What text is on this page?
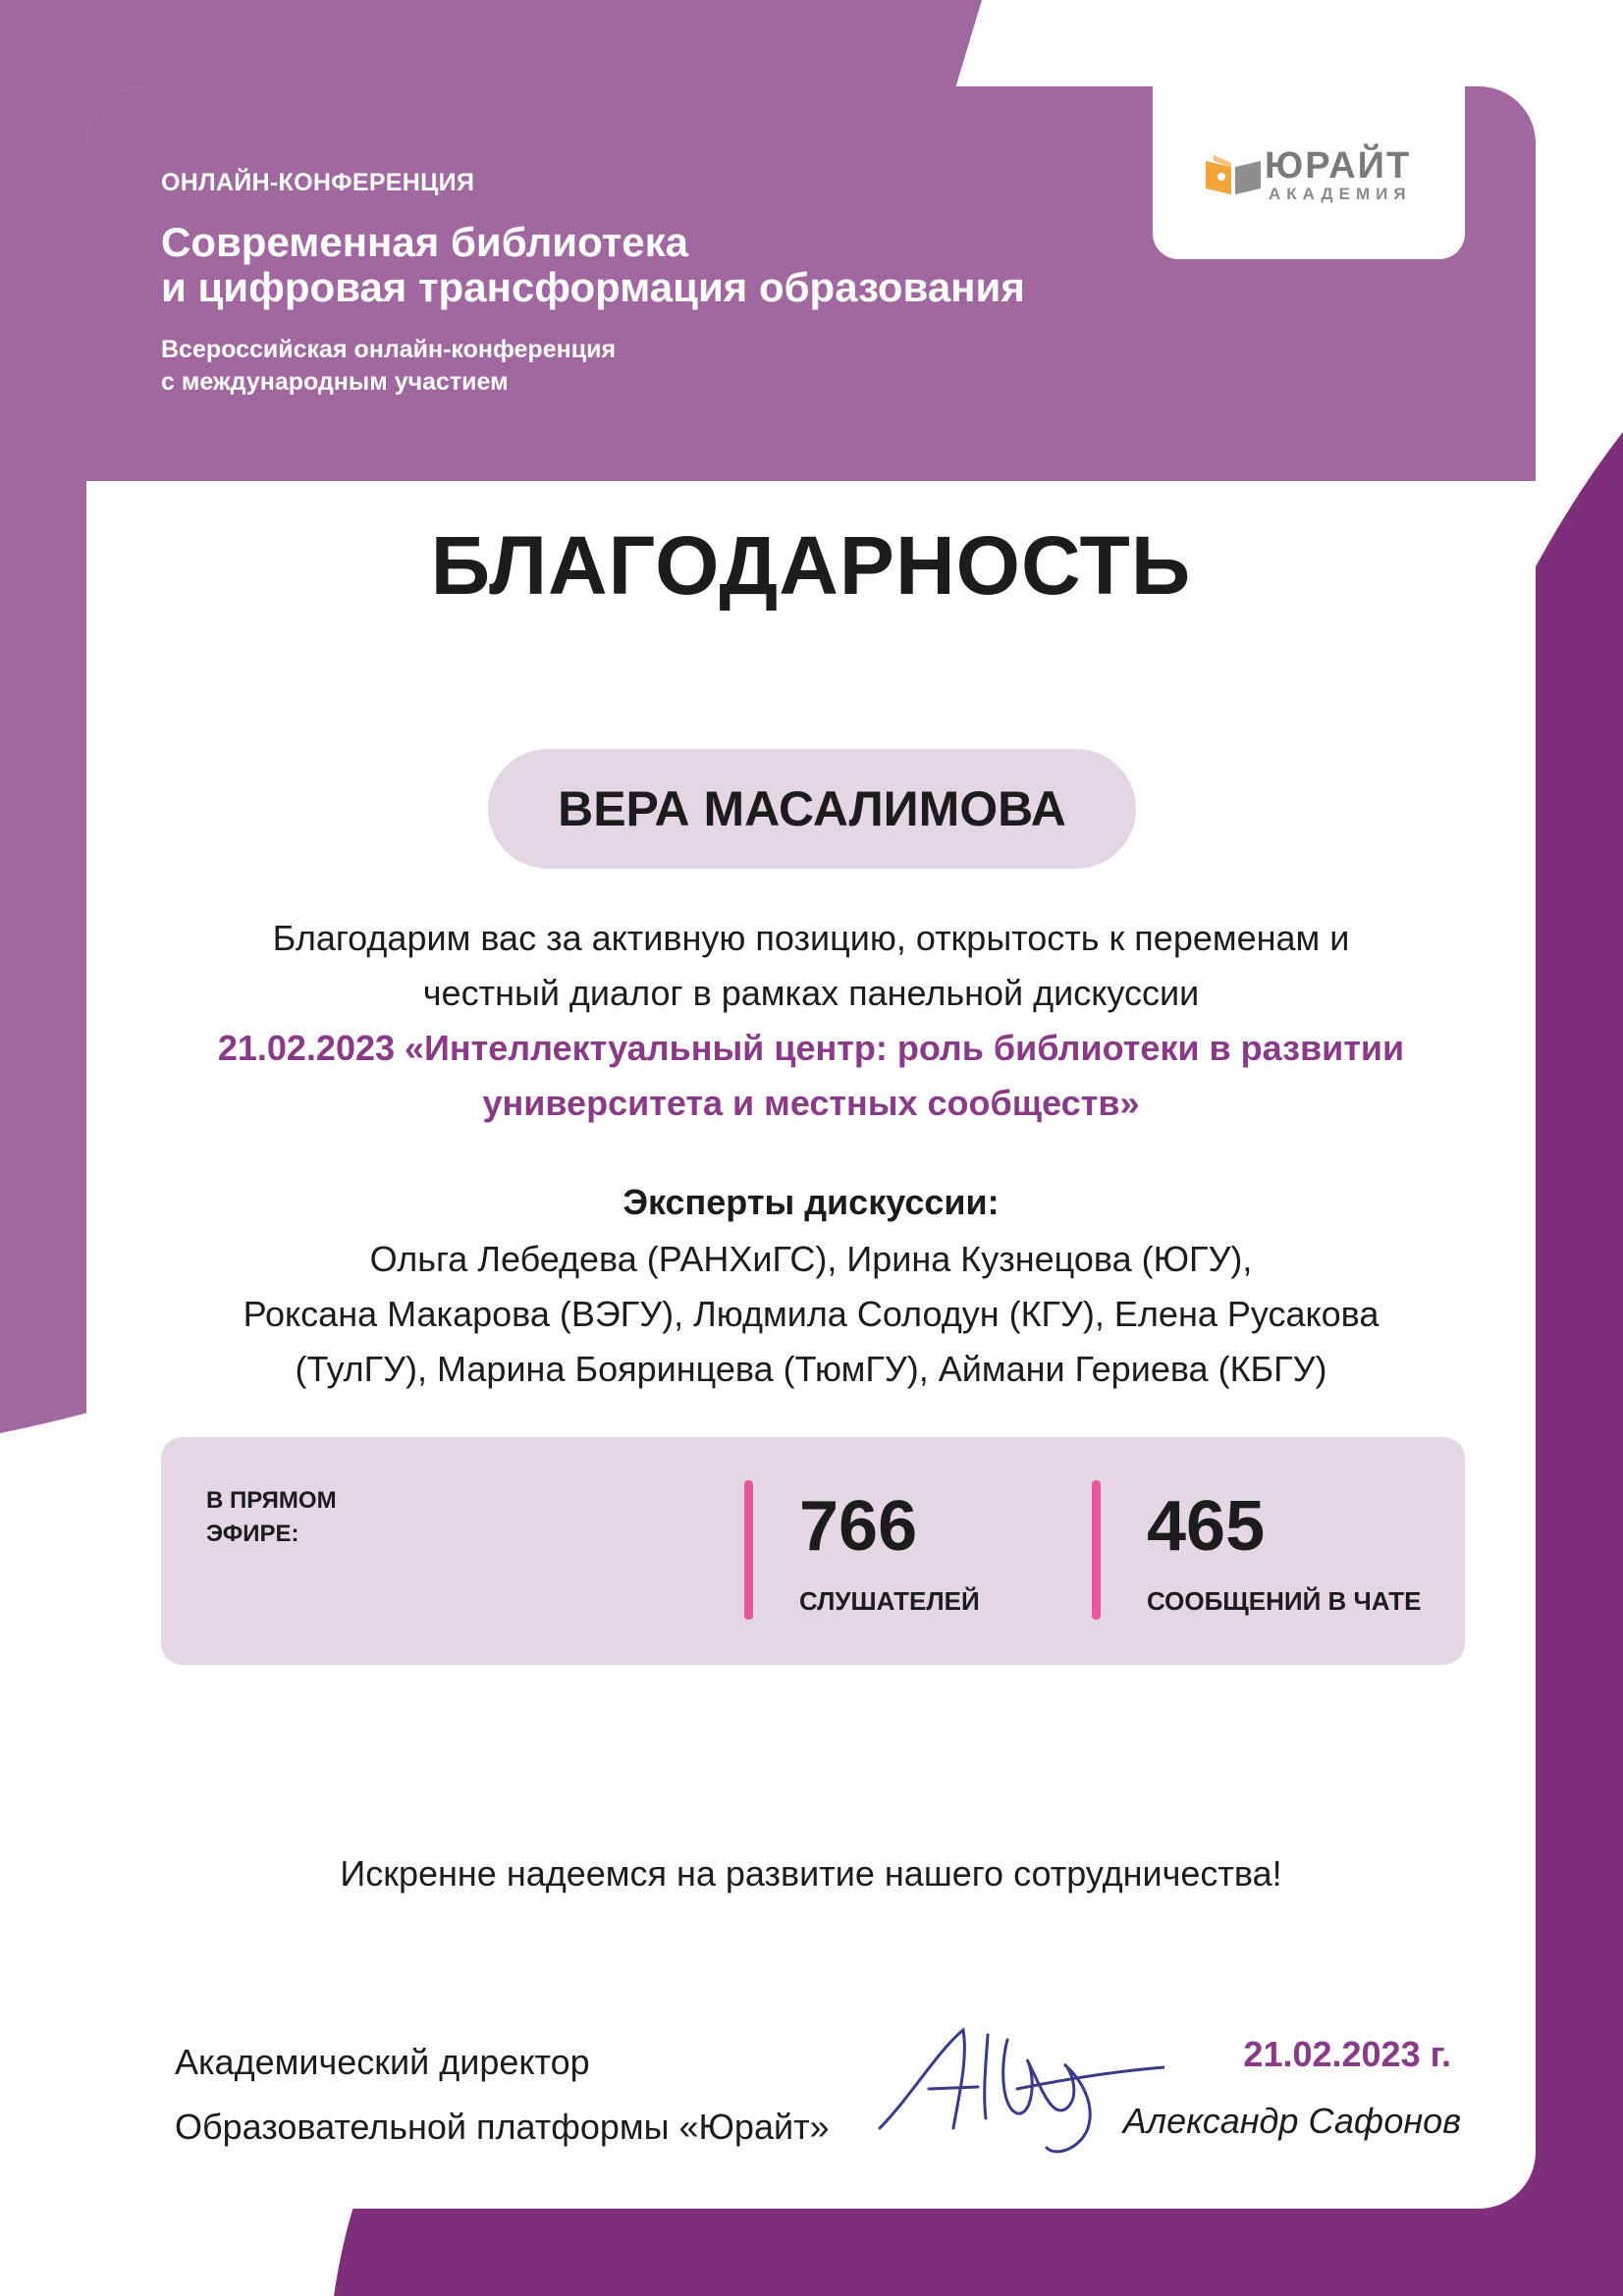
ОНЛАЙН-КОНФЕРЕНЦИЯ
Современная библиотека
и цифровая трансформация образования
Всероссийская онлайн-конференция
с международным участием
ЮРАЙТ
АКАДЕМИЯ
БЛАГОДАРНОСТЬ
ВЕРА МАСАЛИМОВА
Благодарим вас за активную позицию, открытость к переменам и
честный диалог в рамках панельной дискуссии
21.02.2023 «Интеллектуальный центр: роль библиотеки в развитии
университета и местных сообществ»
Эксперты дискуссии:
Ольга Лебедева (РАНХиГС), Ирина Кузнецова (ЮГУ),
Роксана Макарова (ВЭГУ), Людмила Солодун (КГУ), Елена Русакова
(ТулГУ), Марина Бояринцева (ТюмГУ), Аймани Гериева (КБГУ)
В ПРЯМОМ
ЭФИРЕ:	766
СЛУШАТЕЛЕЙ
465
СООБЩЕНИЙ В ЧАТЕ
Искренне надеемся на развитие нашего сотрудничества!
Академический директор
Образовательной платформы «Юрайт»
21.02.2023 г.
Александр Сафонов
